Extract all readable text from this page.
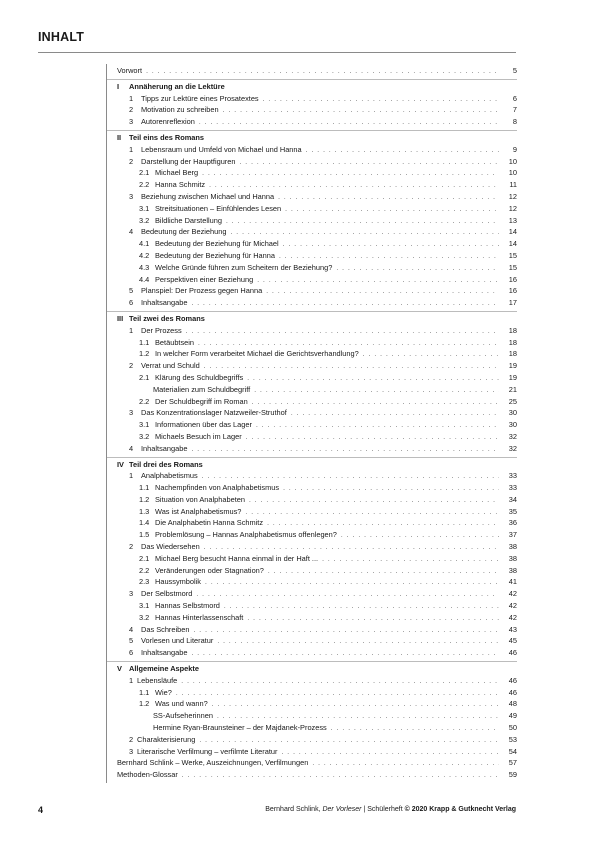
INHALT
Vorwort . . .	5
I	Annäherung an die Lektüre
1	Tipps zur Lektüre eines Prosatextes . . .	6
2	Motivation zu schreiben . . .	7
3	Autorenreflexion . . .	8
II	Teil eins des Romans
1	Lebensraum und Umfeld von Michael und Hanna . . .	9
2	Darstellung der Hauptfiguren . . .	10
2.1 Michael Berg . . .	10
2.2 Hanna Schmitz . . .	11
3	Beziehung zwischen Michael und Hanna . . .	12
3.1 Streitsituationen – Einfühlendes Lesen . . .	12
3.2 Bildliche Darstellung . . .	13
4	Bedeutung der Beziehung . . .	14
4.1 Bedeutung der Beziehung für Michael . . .	14
4.2 Bedeutung der Beziehung für Hanna . . .	15
4.3 Welche Gründe führen zum Scheitern der Beziehung? . . .	15
4.4 Perspektiven einer Beziehung . . .	16
5	Planspiel: Der Prozess gegen Hanna . . .	16
6	Inhaltsangabe . . .	17
III Teil zwei des Romans
1	Der Prozess . . .	18
1.1 Betäubtsein . . .	18
1.2 In welcher Form verarbeitet Michael die Gerichtsverhandlung? . . .	18
2	Verrat und Schuld . . .	19
2.1 Klärung des Schuldbegriffs . . .	19
Materialien zum Schuldbegriff . . .	21
2.2 Der Schuldbegriff im Roman . . .	25
3	Das Konzentrationslager Natzweiler-Struthof . . .	30
3.1 Informationen über das Lager . . .	30
3.2 Michaels Besuch im Lager . . .	32
4	Inhaltsangabe . . .	32
IV Teil drei des Romans
1	Analphabetismus . . .	33
1.1 Nachempfinden von Analphabetismus . . .	33
1.2 Situation von Analphabeten . . .	34
1.3 Was ist Analphabetismus? . . .	35
1.4 Die Analphabetin Hanna Schmitz . . .	36
1.5 Problemlösung – Hannas Analphabetismus offenlegen? . . .	37
2	Das Wiedersehen . . .	38
2.1 Michael Berg besucht Hanna einmal in der Haft ... . . .	38
2.2 Veränderungen oder Stagnation? . . .	38
2.3 Haussymbolik . . .	41
3	Der Selbstmord . . .	42
3.1 Hannas Selbstmord . . .	42
3.2 Hannas Hinterlassenschaft . . .	42
4	Das Schreiben . . .	43
5	Vorlesen und Literatur . . .	45
6	Inhaltsangabe . . .	46
V Allgemeine Aspekte
1 Lebensläufe . . .	46
1.1 Wie? . . .	46
1.2 Was und wann? . . .	48
SS-Aufseherinnen . . .	49
Hermine Ryan-Braunsteiner – der Majdanek-Prozess . . .	50
2 Charakterisierung . . .	53
3 Literarische Verfilmung – verfilmte Literatur . . .	54
Bernhard Schlink – Werke, Auszeichnungen, Verfilmungen . . .	57
Methoden-Glossar . . .	59
4	Bernhard Schlink, Der Vorleser | Schülerheft © 2020 Krapp & Gutknecht Verlag
